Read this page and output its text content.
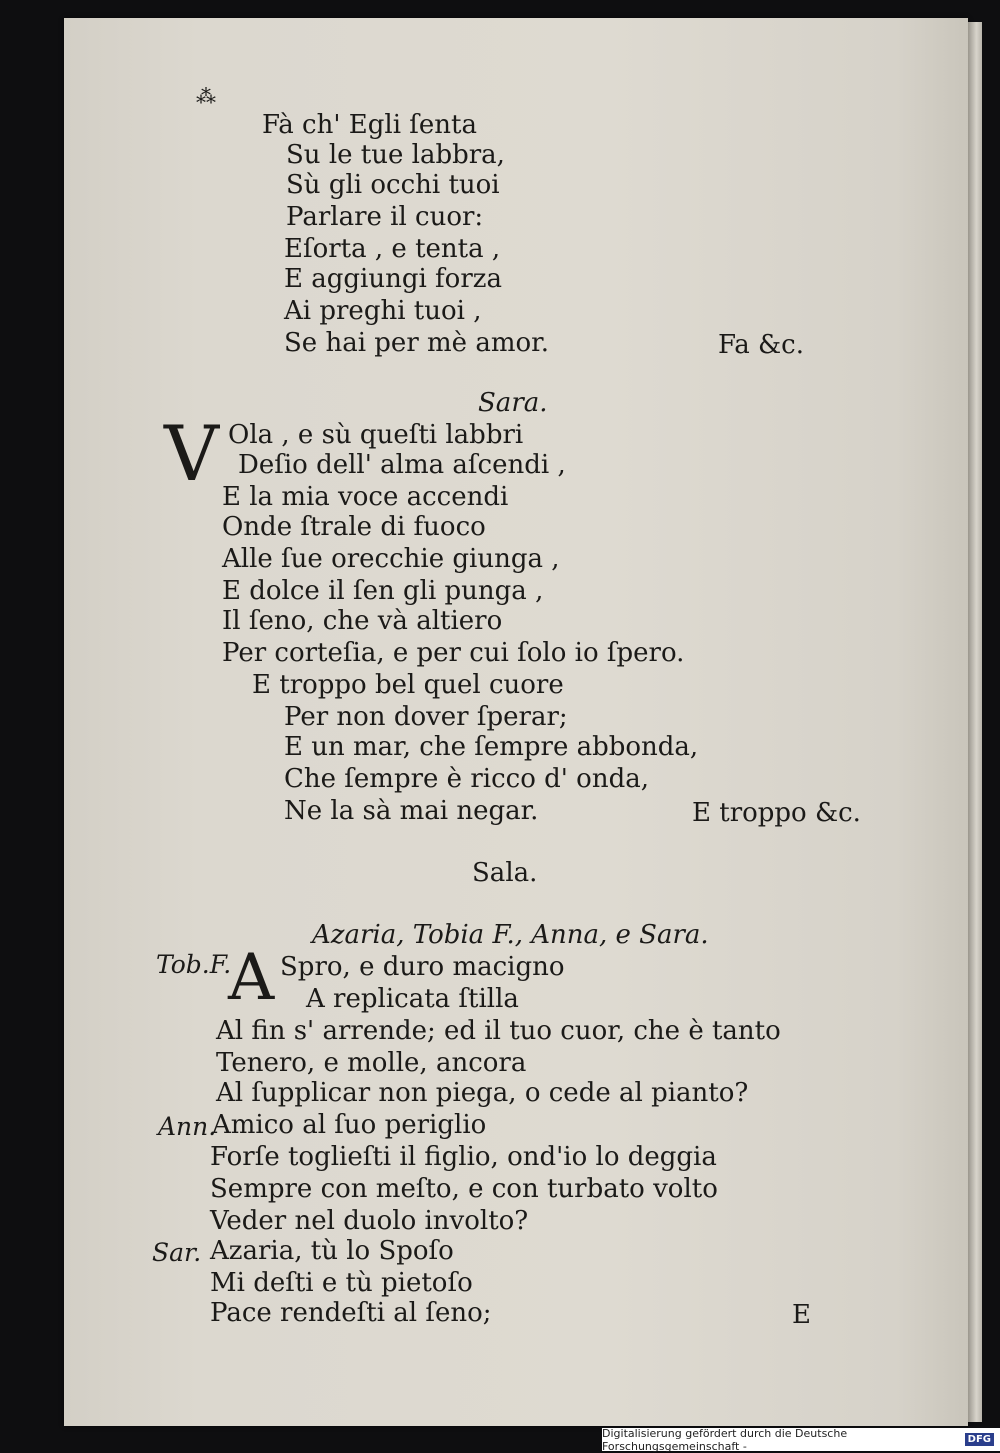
⁂
Fà ch' Egli ſenta
Su le tue labbra,
Sù gli occhi tuoi
Parlare il cuor:
Eſorta , e tenta ,
E aggiungi forza
Ai preghi tuoi ,
Se hai per mè amor.	Fa &c.
Sara.
V Ola , e sù queſti labbri
Deſio dell' alma aſcendi ,
E la mia voce accendi
Onde ſtrale di fuoco
Alle ſue orecchie giunga ,
E dolce il ſen gli punga ,
Il ſeno, che và altiero
Per corteſia, e per cui ſolo io ſpero.
E troppo bel quel cuore
Per non dover ſperar;
E un mar, che ſempre abbonda,
Che ſempre è ricco d' onda,
Ne la sà mai negar.	E troppo &c.
Sala.
Azaria, Tobia F., Anna, e Sara.
Tob.F.
A Spro, e duro macigno
A replicata ſtilla
Al fin s' arrende; ed il tuo cuor, che è tanto
Tenero, e molle, ancora
Al ſupplicar non piega, o cede al pianto?
Ann.
Amico al ſuo periglio
Forſe toglieſti il figlio, ond'io lo deggia
Sempre con meſto, e con turbato volto
Veder nel duolo involto?
Sar. Azaria, tù lo Spoſo
Mi deſti e tù pietoſo
Pace rendeſti al ſeno;	E
Digitalisierung gefördert durch die Deutsche Forschungsgemeinschaft -	DFG
